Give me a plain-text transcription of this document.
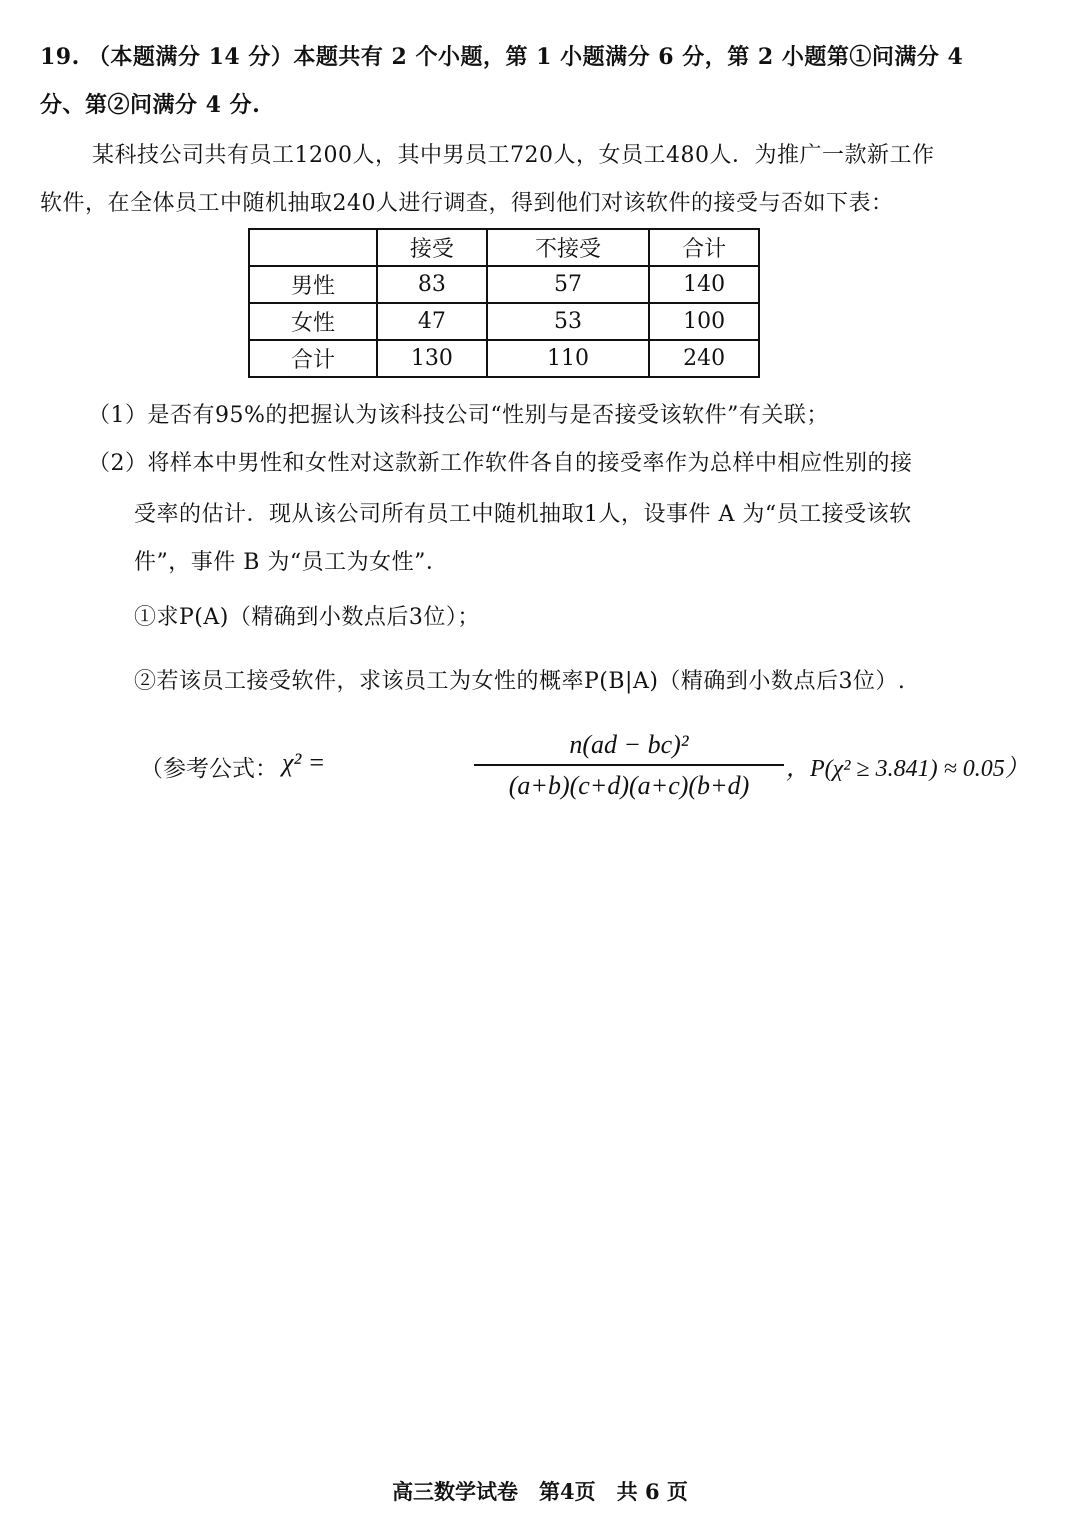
19. （本题满分 14 分）本题共有 2 个小题，第 1 小题满分 6 分，第 2 小题第①问满分 4
分、第②问满分 4 分.
某科技公司共有员工1200人，其中男员工720人，女员工480人．为推广一款新工作
软件，在全体员工中随机抽取240人进行调查，得到他们对该软件的接受与否如下表：
	接受	不接受	合计
男性	83	57	140
女性	47	53	100
合计	130	110	240
（1）是否有95%的把握认为该科技公司“性别与是否接受该软件”有关联；
（2）将样本中男性和女性对这款新工作软件各自的接受率作为总样中相应性别的接
受率的估计．现从该公司所有员工中随机抽取1人，设事件 A 为“员工接受该软
件”，事件 B 为“员工为女性”．
①求P(A)（精确到小数点后3位）；
②若该员工接受软件，求该员工为女性的概率P(B|A)（精确到小数点后3位）.
（参考公式： χ² =
n(ad − bc)²
(a+b)(c+d)(a+c)(b+d)
，P(χ² ≥ 3.841) ≈ 0.05）
高三数学试卷　第4页　共 6 页
